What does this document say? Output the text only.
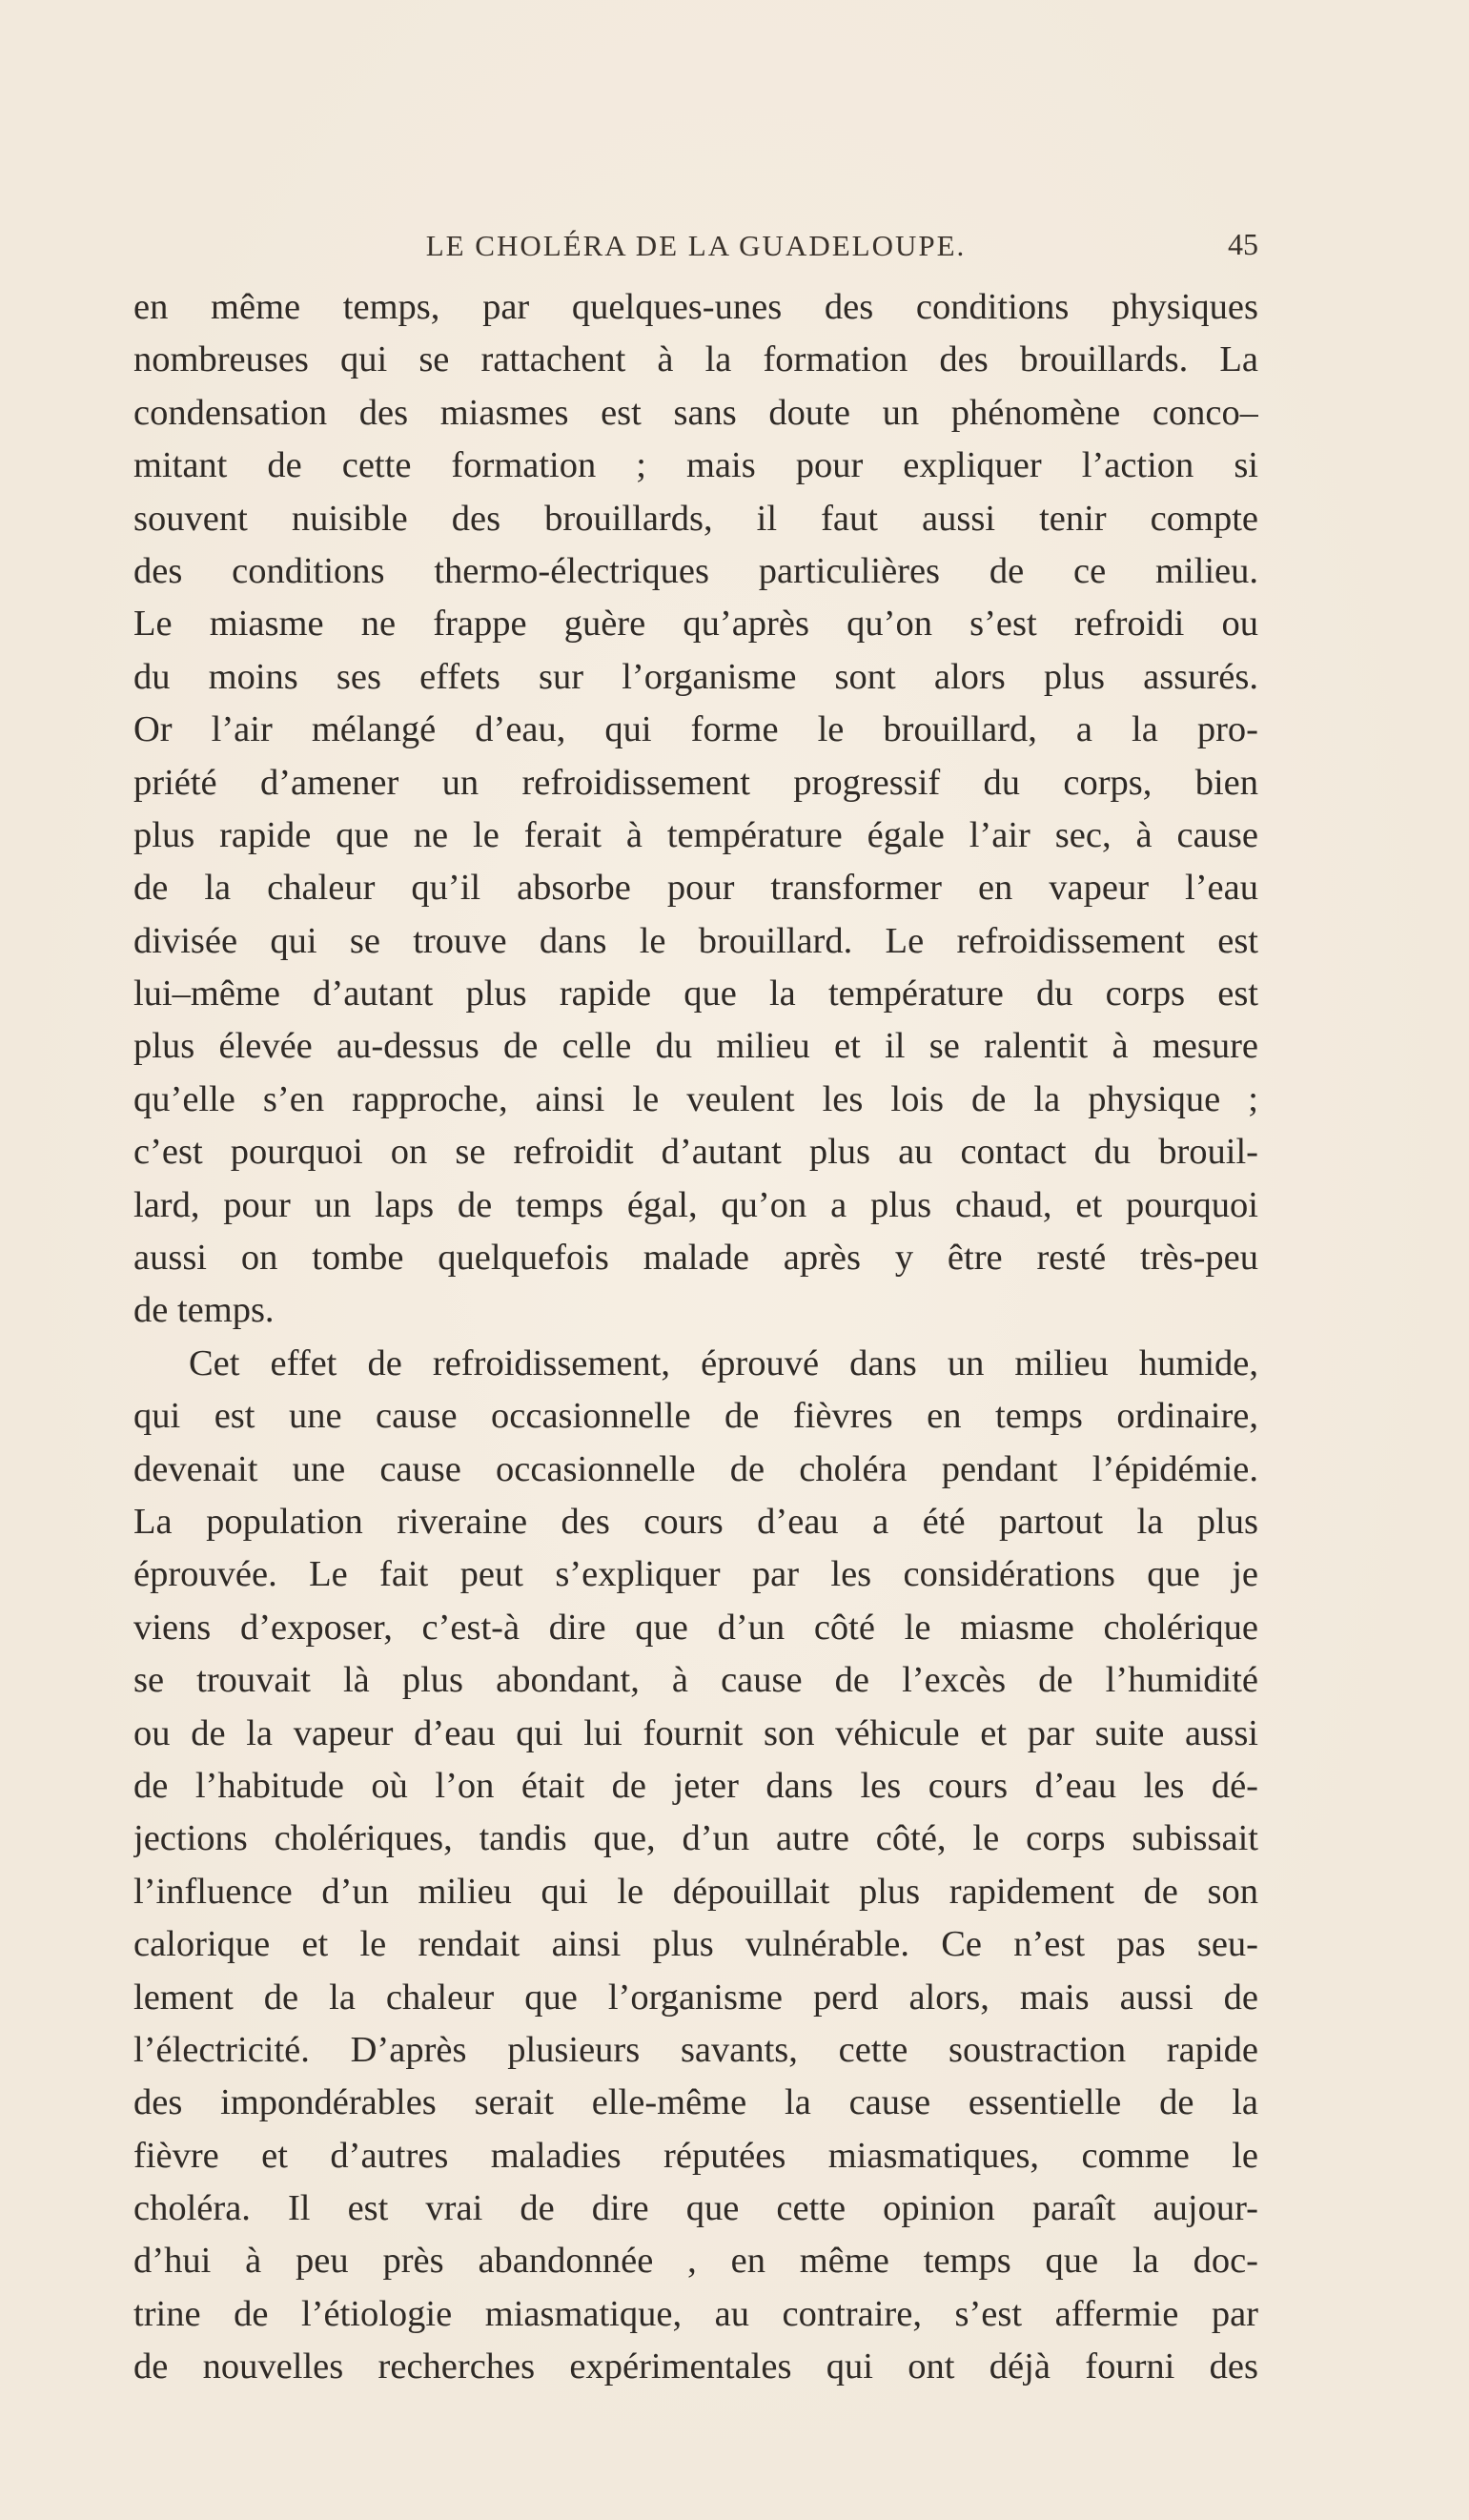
LE CHOLÉRA DE LA GUADELOUPE.	45
en même temps, par quelques-unes des conditions physiques
nombreuses qui se rattachent à la formation des brouillards. La
condensation des miasmes est sans doute un phénomène conco–
mitant de cette formation ; mais pour expliquer l’action si
souvent nuisible des brouillards, il faut aussi tenir compte
des conditions thermo-électriques particulières de ce milieu.
Le miasme ne frappe guère qu’après qu’on s’est refroidi ou
du moins ses effets sur l’organisme sont alors plus assurés.
Or l’air mélangé d’eau, qui forme le brouillard, a la pro-
priété d’amener un refroidissement progressif du corps, bien
plus rapide que ne le ferait à température égale l’air sec, à cause
de la chaleur qu’il absorbe pour transformer en vapeur l’eau
divisée qui se trouve dans le brouillard. Le refroidissement est
lui–même d’autant plus rapide que la température du corps est
plus élevée au-dessus de celle du milieu et il se ralentit à mesure
qu’elle s’en rapproche, ainsi le veulent les lois de la physique ;
c’est pourquoi on se refroidit d’autant plus au contact du brouil-
lard, pour un laps de temps égal, qu’on a plus chaud, et pourquoi
aussi on tombe quelquefois malade après y être resté très-peu
de temps.
Cet effet de refroidissement, éprouvé dans un milieu humide,
qui est une cause occasionnelle de fièvres en temps ordinaire,
devenait une cause occasionnelle de choléra pendant l’épidémie.
La population riveraine des cours d’eau a été partout la plus
éprouvée. Le fait peut s’expliquer par les considérations que je
viens d’exposer, c’est-à dire que d’un côté le miasme cholérique
se trouvait là plus abondant, à cause de l’excès de l’humidité
ou de la vapeur d’eau qui lui fournit son véhicule et par suite aussi
de l’habitude où l’on était de jeter dans les cours d’eau les dé-
jections cholériques, tandis que, d’un autre côté, le corps subissait
l’influence d’un milieu qui le dépouillait plus rapidement de son
calorique et le rendait ainsi plus vulnérable. Ce n’est pas seu-
lement de la chaleur que l’organisme perd alors, mais aussi de
l’électricité. D’après plusieurs savants, cette soustraction rapide
des impondérables serait elle-même la cause essentielle de la
fièvre et d’autres maladies réputées miasmatiques, comme le
choléra. Il est vrai de dire que cette opinion paraît aujour-
d’hui à peu près abandonnée , en même temps que la doc-
trine de l’étiologie miasmatique, au contraire, s’est affermie par
de nouvelles recherches expérimentales qui ont déjà fourni des
